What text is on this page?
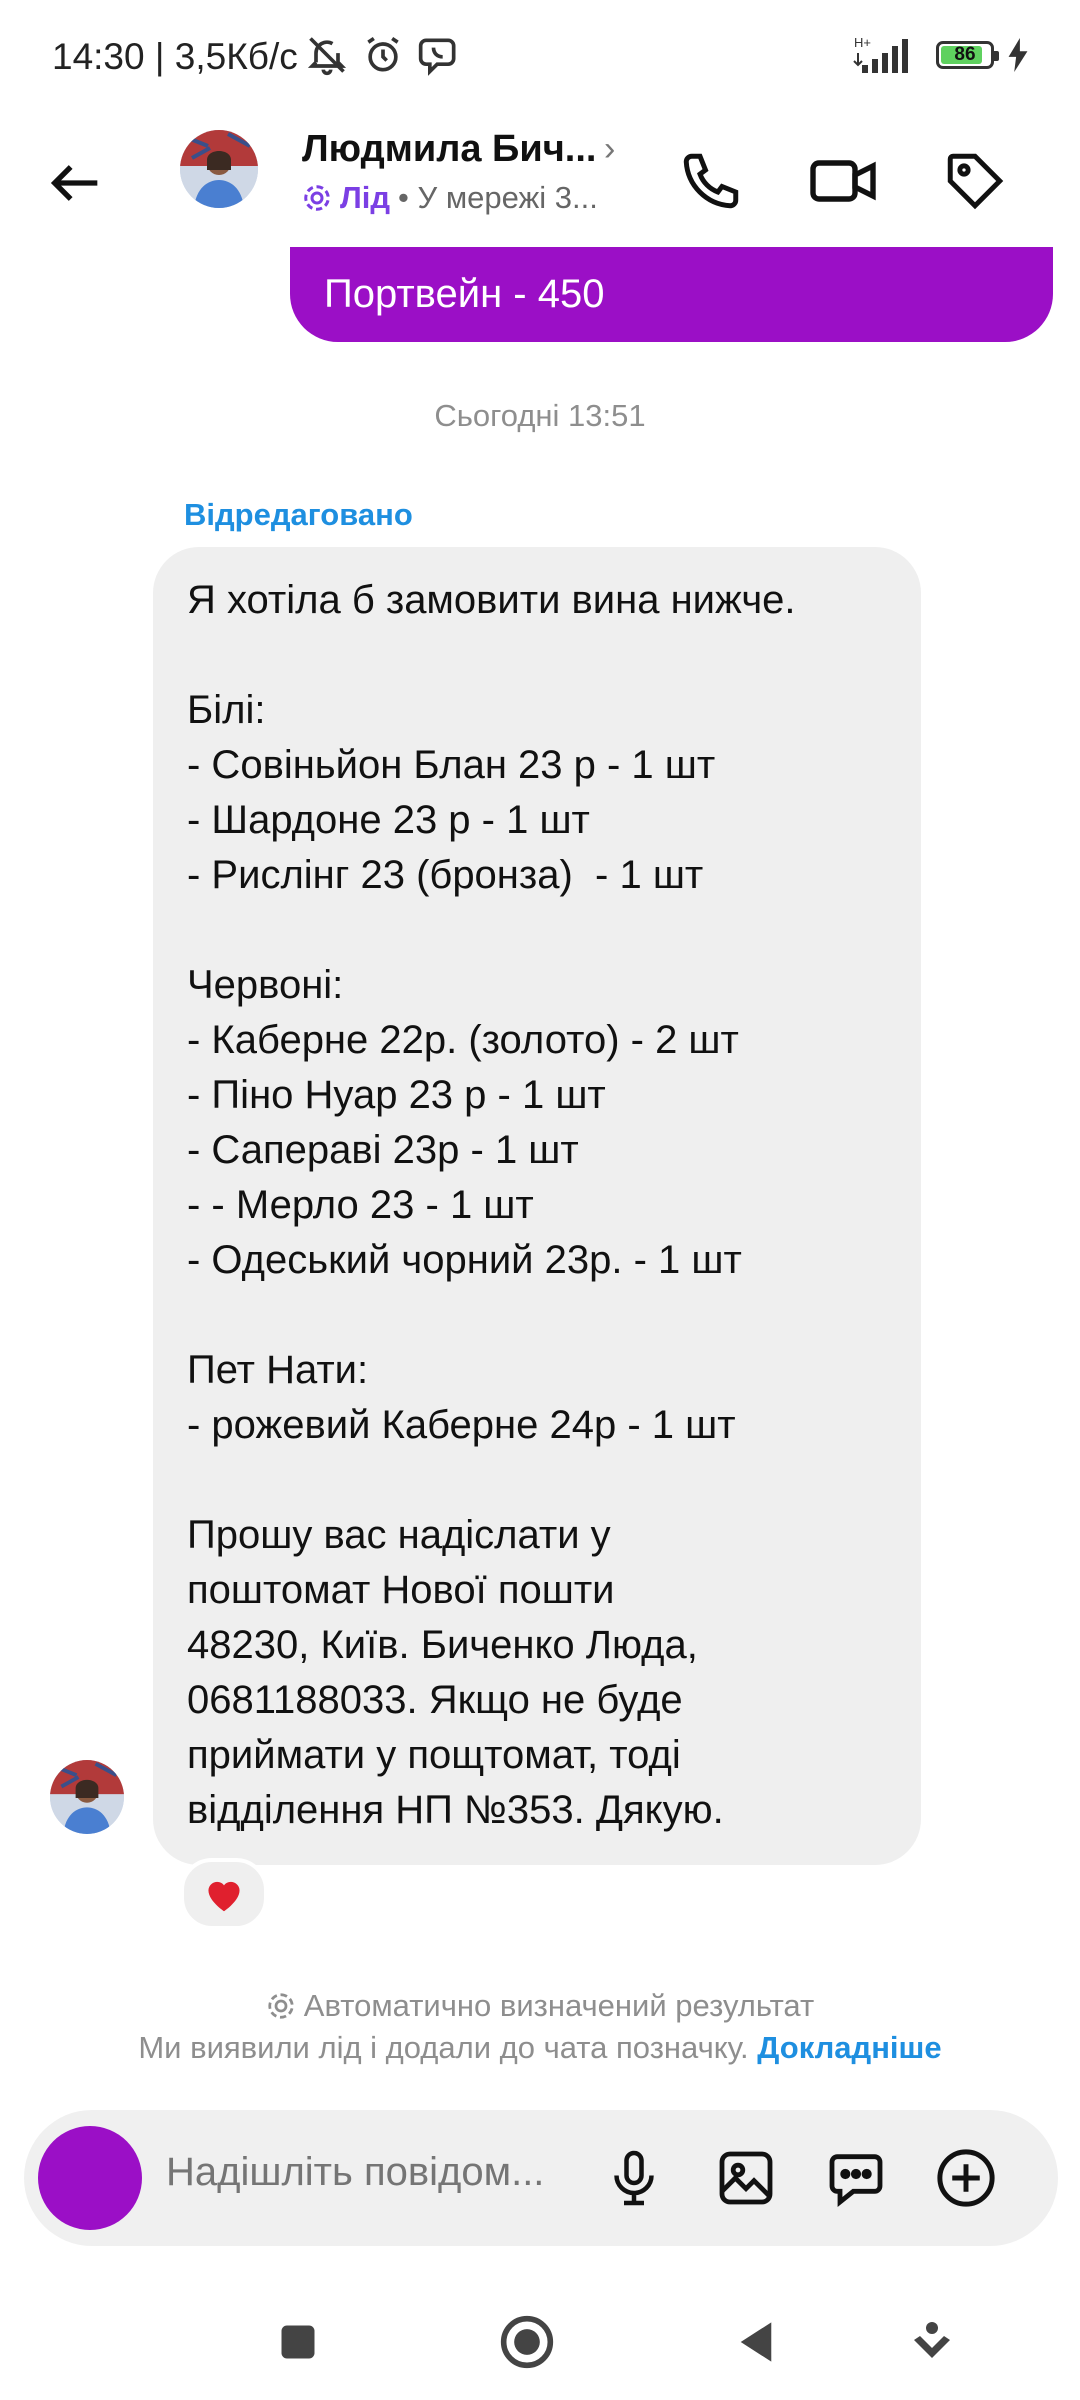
14:30 | 3,5Кб/с	H+
86
Людмила Бич... ›
Лід • У мережі 3...
Портвейн - 450
Сьогодні 13:51
Відредаговано
Я хотіла б замовити вина нижче.
Білі:
- Совіньйон Блан 23 р - 1 шт
- Шардоне 23 р - 1 шт
- Рислінг 23 (бронза)  - 1 шт
Червоні:
- Каберне 22р. (золото) - 2 шт
- Піно Нуар 23 р - 1 шт
- Сапераві 23р - 1 шт
- - Мерло 23 - 1 шт
- Одеський чорний 23р. - 1 шт
Пет Нати:
- рожевий Каберне 24р - 1 шт
Прошу вас надіслати у
поштомат Нової пошти
48230, Київ. Биченко Люда,
0681188033. Якщо не буде
приймати у пощтомат, тоді
відділення НП №353. Дякую.
Автоматично визначений результат
Ми виявили лід і додали до чата позначку. Докладніше
Надішліть повідом...
